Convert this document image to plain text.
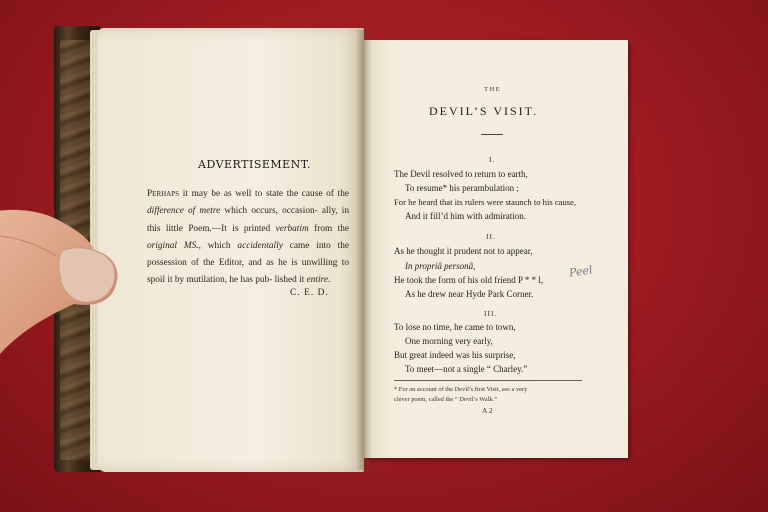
ADVERTISEMENT.
Perhaps it may be as well to state the cause of the difference of metre which occurs, occasion- ally, in this little Poem.—It is printed verbatim from the original MS., which accidentally came into the possession of the Editor, and as he is unwilling to spoil it by mutilation, he has pub- lished it entire.
C. E. D.
THE
DEVIL’S VISIT.
I.
The Devil resolved to return to earth,
To resume* his perambulation ;
For he heard that its rulers were staunch to his cause,
And it fill’d him with admiration.
II.
As he thought it prudent not to appear,
In propriâ personâ,
He took the form of his old friend P * * l,
As he drew near Hyde Park Corner.
Peel
III.
To lose no time, he came to town,
One morning very early,
But great indeed was his surprise,
To meet—not a single “ Charley.”
* For an account of the Devil’s first Visit, see a very
clever poem, called the “ Devil’s Walk.”
A 2
